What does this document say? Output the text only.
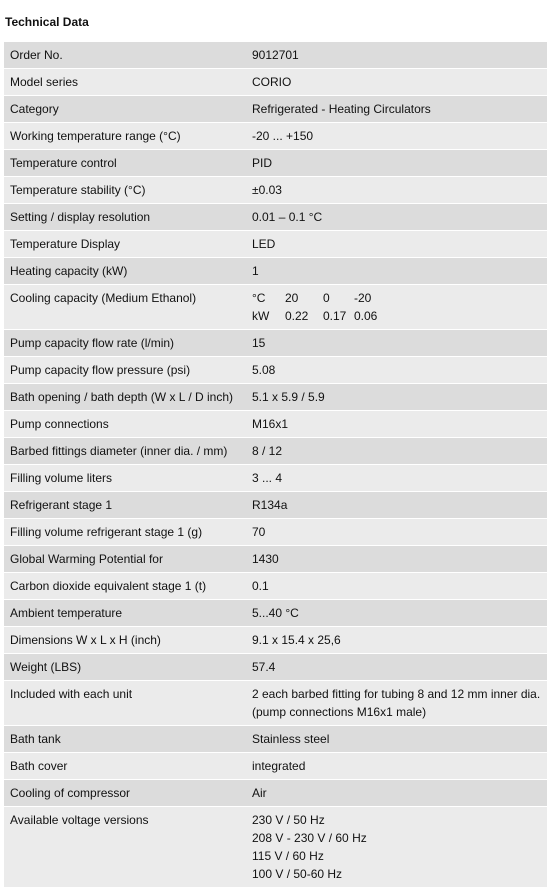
Technical Data
Order No.	9012701
Model series	CORIO
Category	Refrigerated - Heating Circulators
Working temperature range (°C)	-20 ... +150
Temperature control	PID
Temperature stability (°C)	±0.03
Setting / display resolution	0.01 – 0.1 °C
Temperature Display	LED
Heating capacity (kW)	1
Cooling capacity (Medium Ethanol)	°C	20	0	-20
kW	0.22	0.17 0.06
Pump capacity flow rate (l/min)	15
Pump capacity flow pressure (psi)	5.08
Bath opening / bath depth (W x L / D inch)	5.1 x 5.9 / 5.9
Pump connections	M16x1
Barbed fittings diameter (inner dia. / mm)	8 / 12
Filling volume liters	3 ... 4
Refrigerant stage 1	R134a
Filling volume refrigerant stage 1 (g)	70
Global Warming Potential for	1430
Carbon dioxide equivalent stage 1 (t)	0.1
Ambient temperature	5...40 °C
Dimensions W x L x H (inch)	9.1 x 15.4 x 25,6
Weight (LBS)	57.4
Included with each unit	2 each barbed fitting for tubing 8 and 12 mm inner dia.
(pump connections M16x1 male)
Bath tank	Stainless steel
Bath cover	integrated
Cooling of compressor	Air
Available voltage versions	230 V / 50 Hz
208 V - 230 V / 60 Hz
115 V / 60 Hz
100 V / 50-60 Hz
